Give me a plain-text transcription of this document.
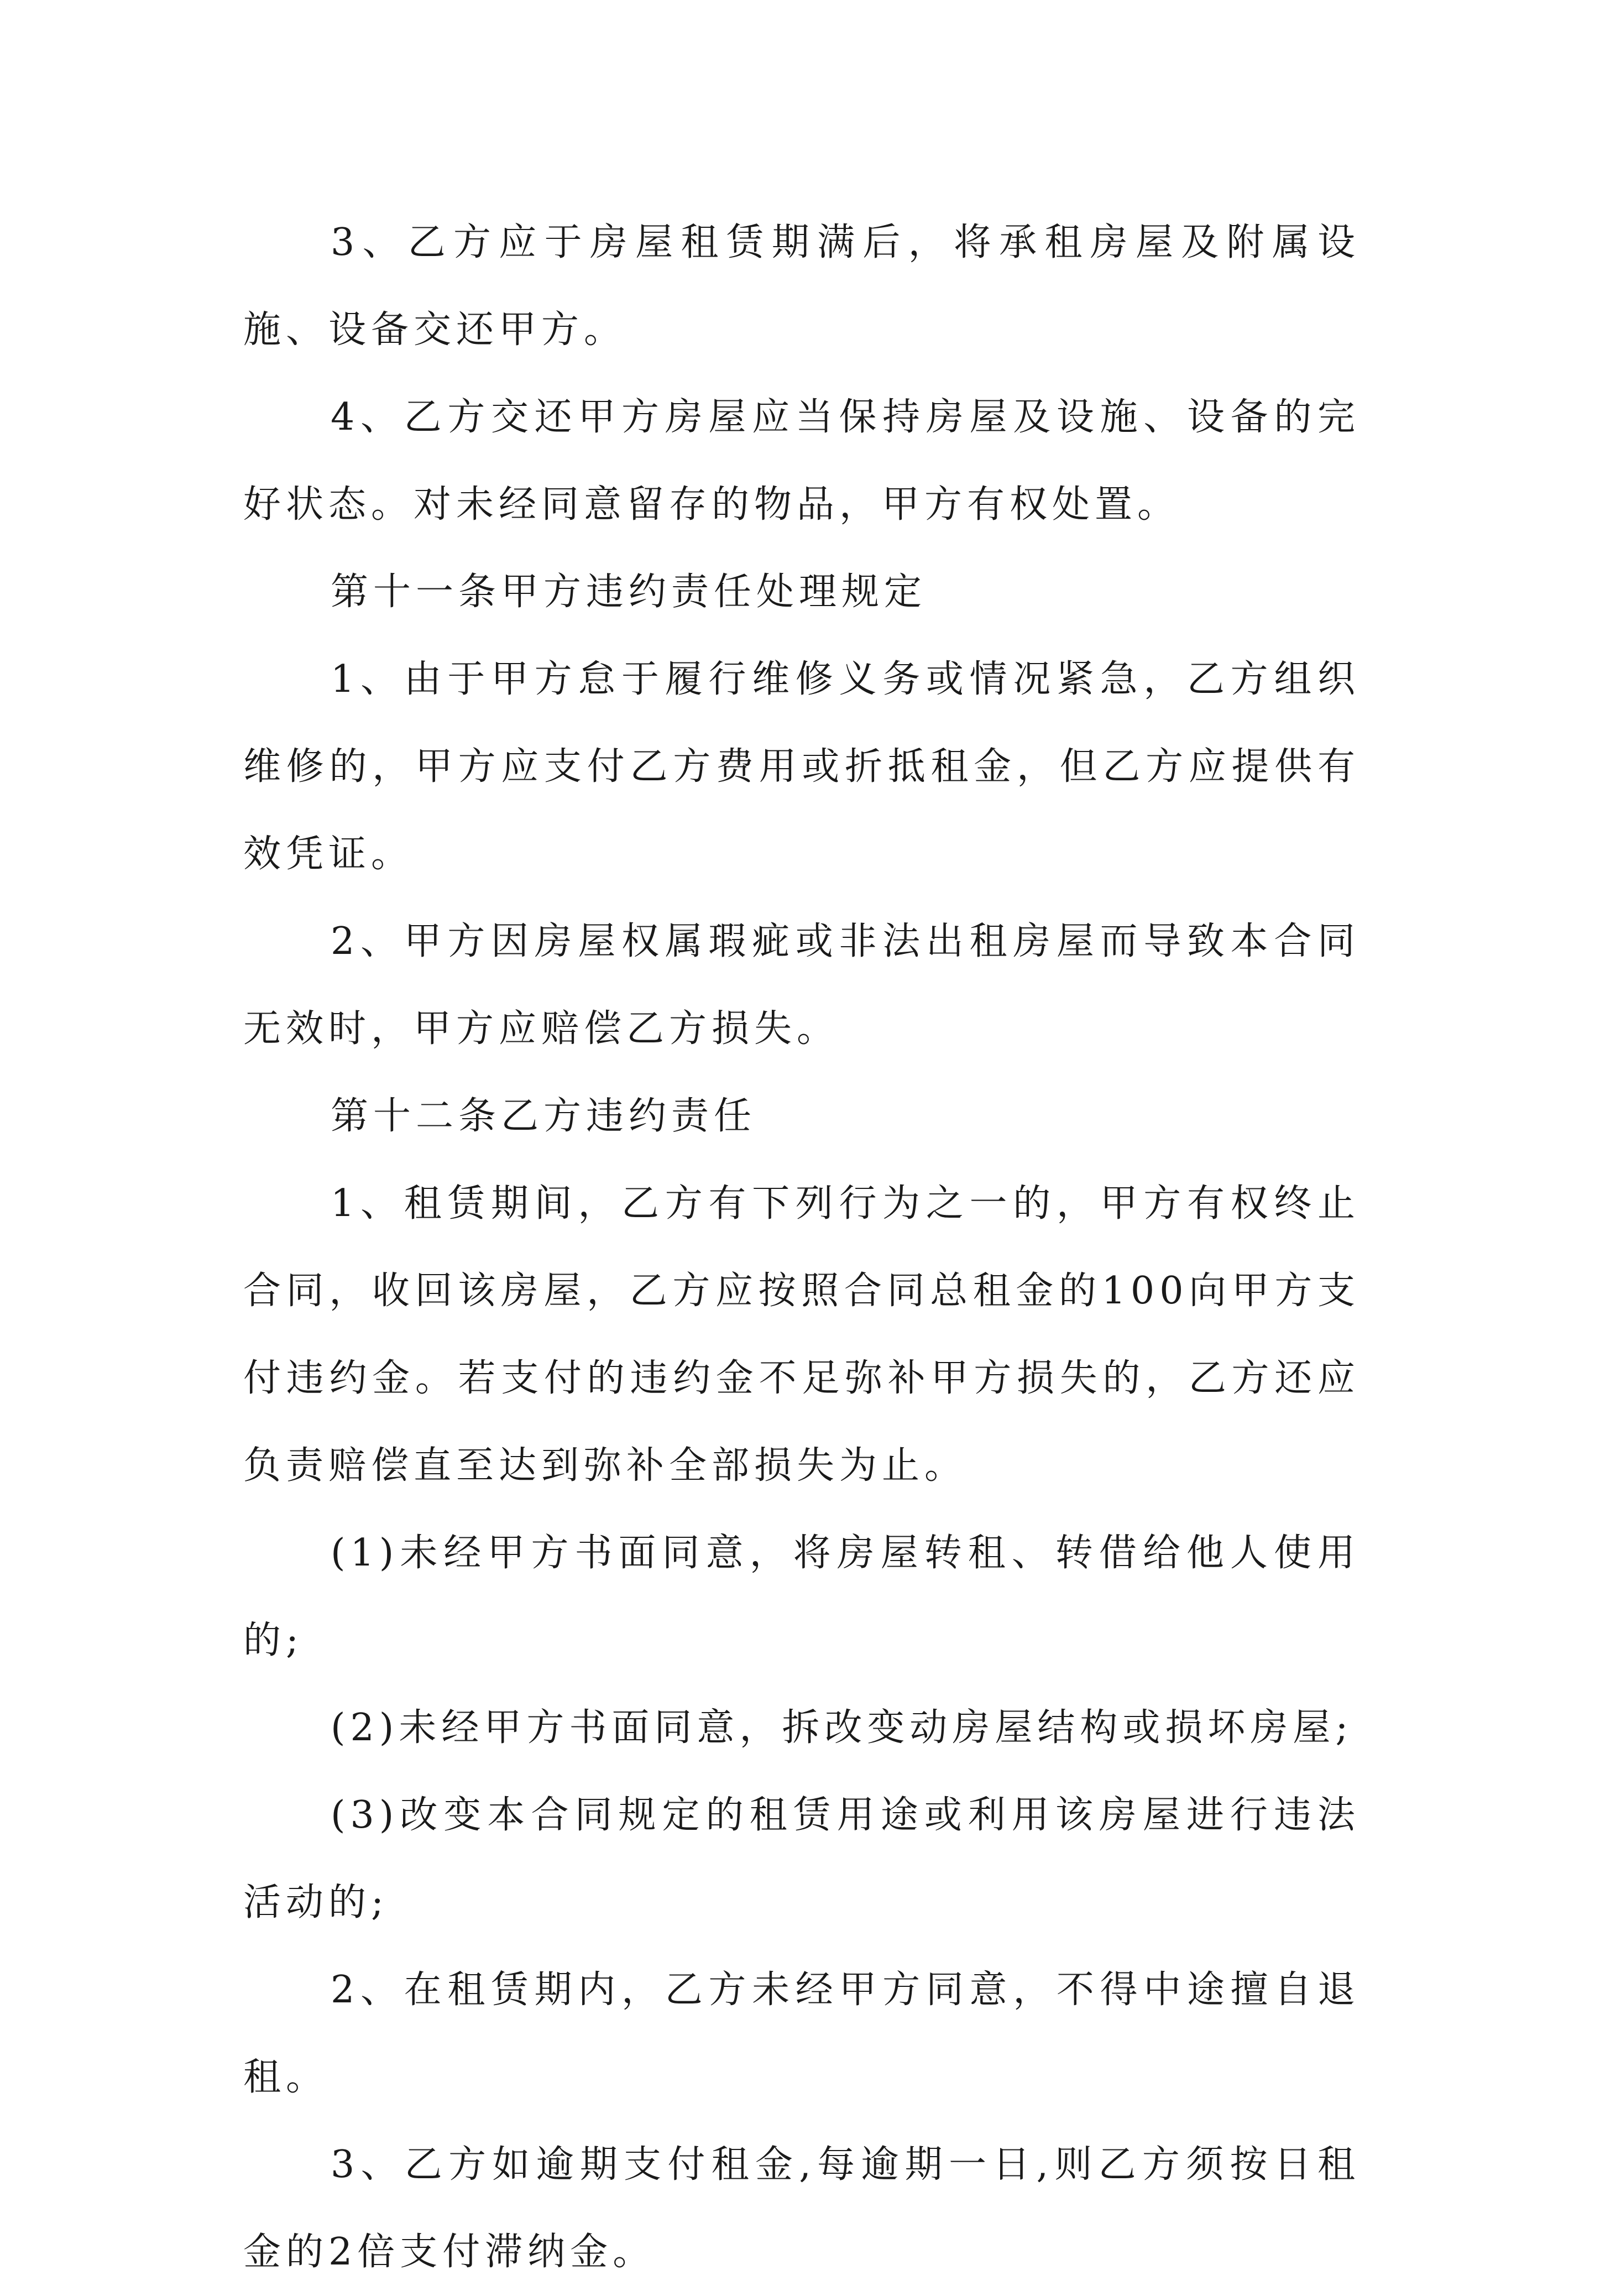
3、乙方应于房屋租赁期满后，将承租房屋及附属设施、设备交还甲方。

4、乙方交还甲方房屋应当保持房屋及设施、设备的完好状态。对未经同意留存的物品，甲方有权处置。

第十一条甲方违约责任处理规定

1、由于甲方怠于履行维修义务或情况紧急，乙方组织维修的，甲方应支付乙方费用或折抵租金，但乙方应提供有效凭证。

2、甲方因房屋权属瑕疵或非法出租房屋而导致本合同无效时，甲方应赔偿乙方损失。

第十二条乙方违约责任

1、租赁期间，乙方有下列行为之一的，甲方有权终止合同，收回该房屋，乙方应按照合同总租金的100向甲方支付违约金。若支付的违约金不足弥补甲方损失的，乙方还应负责赔偿直至达到弥补全部损失为止。

(1)未经甲方书面同意，将房屋转租、转借给他人使用的;

(2)未经甲方书面同意，拆改变动房屋结构或损坏房屋;

(3)改变本合同规定的租赁用途或利用该房屋进行违法活动的;

2、在租赁期内，乙方未经甲方同意，不得中途擅自退租。

3、乙方如逾期支付租金,每逾期一日,则乙方须按日租金的2倍支付滞纳金。
